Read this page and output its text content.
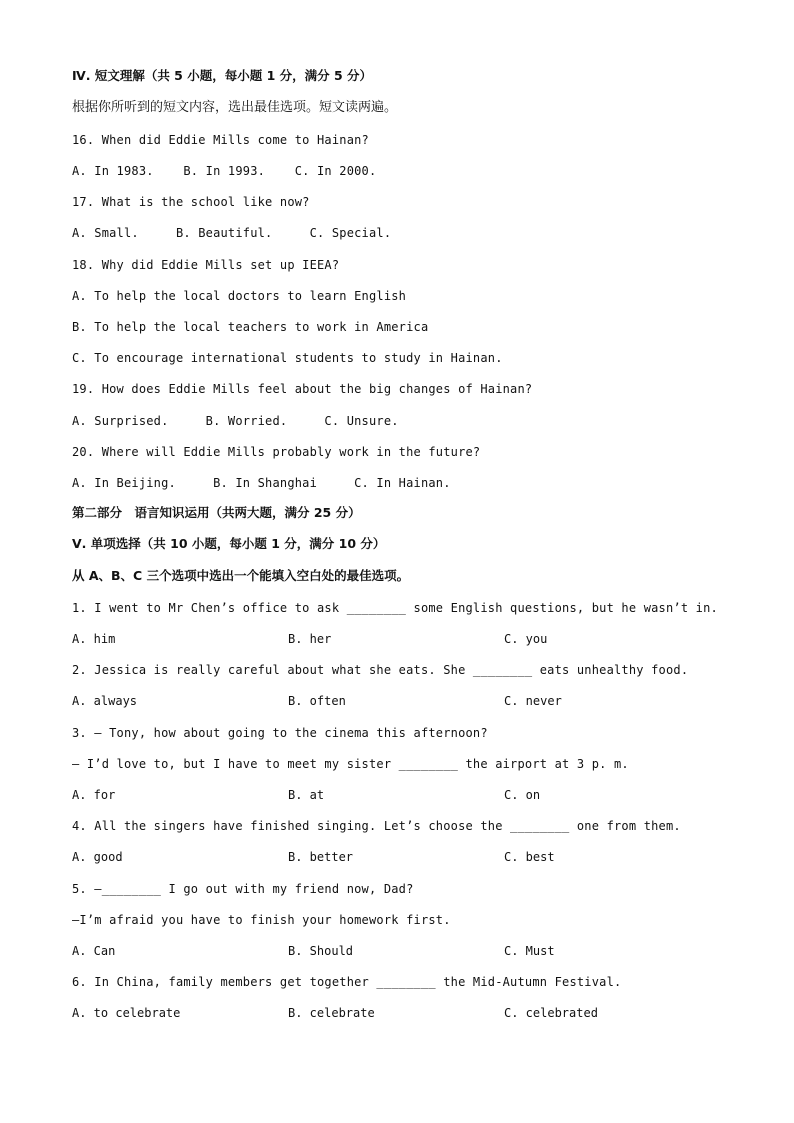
Ⅳ. 短文理解（共 5 小题，每小题 1 分，满分 5 分）
根据你所听到的短文内容，选出最佳选项。短文读两遍。
16. When did Eddie Mills come to Hainan?
A. In 1983.    B. In 1993.    C. In 2000.
17. What is the school like now?
A. Small.     B. Beautiful.     C. Special.
18. Why did Eddie Mills set up IEEA?
A. To help the local doctors to learn English
B. To help the local teachers to work in America
C. To encourage international students to study in Hainan.
19. How does Eddie Mills feel about the big changes of Hainan?
A. Surprised.     B. Worried.     C. Unsure.
20. Where will Eddie Mills probably work in the future?
A. In Beijing.     B. In Shanghai     C. In Hainan.
第二部分　语言知识运用（共两大题，满分 25 分）
Ⅴ. 单项选择（共 10 小题，每小题 1 分，满分 10 分）
从 A、B、C 三个选项中选出一个能填入空白处的最佳选项。
1. I went to Mr Chen’s office to ask ________ some English questions, but he wasn’t in.
A. him	B. her	C. you
2. Jessica is really careful about what she eats. She ________ eats unhealthy food.
A. always	B. often	C. never
3. — Tony, how about going to the cinema this afternoon?
— I’d love to, but I have to meet my sister ________ the airport at 3 p. m.
A. for	B. at	C. on
4. All the singers have finished singing. Let’s choose the ________ one from them.
A. good	B. better	C. best
5. —________ I go out with my friend now, Dad?
—I’m afraid you have to finish your homework first.
A. Can	B. Should	C. Must
6. In China, family members get together ________ the Mid-Autumn Festival.
A. to celebrate	B. celebrate	C. celebrated
